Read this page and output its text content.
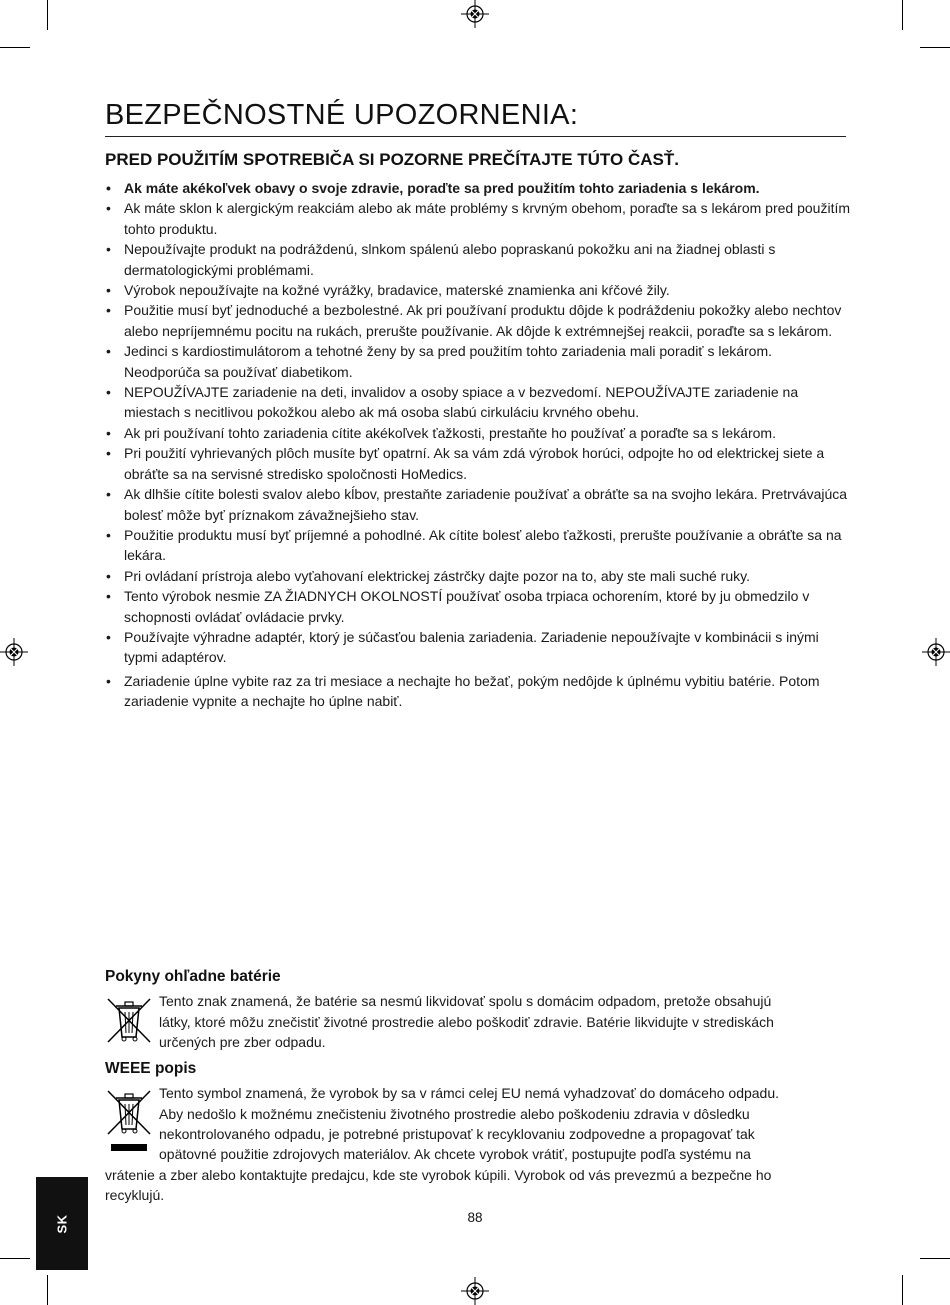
BEZPEČNOSTNÉ UPOZORNENIA:
PRED POUŽITÍM SPOTREBIČA SI POZORNE PREČÍTAJTE TÚTO ČASŤ.
• Ak máte akékoľvek obavy o svoje zdravie, poraďte sa pred použitím tohto zariadenia s lekárom.
• Ak máte sklon k alergickým reakciám alebo ak máte problémy s krvným obehom, poraďte sa s lekárom pred použitím tohto produktu.
• Nepoužívajte produkt na podráždenú, slnkom spálenú alebo popraskanú pokožku ani na žiadnej oblasti s dermatologickými problémami.
• Výrobok nepoužívajte na kožné vyrážky, bradavice, materské znamienka ani kŕčové žily.
• Použitie musí byť jednoduché a bezbolestné. Ak pri používaní produktu dôjde k podráždeniu pokožky alebo nechtov alebo nepríjemnému pocitu na rukách, prerušte používanie. Ak dôjde k extrémnejšej reakcii, poraďte sa s lekárom.
• Jedinci s kardiostimulátorom a tehotné ženy by sa pred použitím tohto zariadenia mali poradiť s lekárom. Neodporúča sa používať diabetikom.
• NEPOUŽÍVAJTE zariadenie na deti, invalidov a osoby spiace a v bezvedomí. NEPOUŽÍVAJTE zariadenie na miestach s necitlivou pokožkou alebo ak má osoba slabú cirkuláciu krvného obehu.
• Ak pri používaní tohto zariadenia cítite akékoľvek ťažkosti, prestaňte ho používať a poraďte sa s lekárom.
• Pri použití vyhrievaných plôch musíte byť opatrní. Ak sa vám zdá výrobok horúci, odpojte ho od elektrickej siete a obráťte sa na servisné stredisko spoločnosti HoMedics.
• Ak dlhšie cítite bolesti svalov alebo kĺbov, prestaňte zariadenie používať a obráťte sa na svojho lekára. Pretrvávajúca bolesť môže byť príznakom závažnejšieho stav.
• Použitie produktu musí byť príjemné a pohodlné. Ak cítite bolesť alebo ťažkosti, prerušte používanie a obráťte sa na lekára.
• Pri ovládaní prístroja alebo vyťahovaní elektrickej zástrčky dajte pozor na to, aby ste mali suché ruky.
• Tento výrobok nesmie ZA ŽIADNYCH OKOLNOSTÍ používať osoba trpiaca ochorením, ktoré by ju obmedzilo v schopnosti ovládať ovládacie prvky.
• Používajte výhradne adaptér, ktorý je súčasťou balenia zariadenia. Zariadenie nepoužívajte v kombinácii s inými typmi adaptérov.
• Zariadenie úplne vybite raz za tri mesiace a nechajte ho bežať, pokým nedôjde k úplnému vybitiu batérie. Potom zariadenie vypnite a nechajte ho úplne nabiť.
Pokyny ohľadne batérie

Tento znak znamená, že batérie sa nesmú likvidovať spolu s domácim odpadom, pretože obsahujú

látky, ktoré môžu znečistiť životné prostredie alebo poškodiť zdravie. Batérie likvidujte v strediskách

určených pre zber odpadu.

WEEE popis

Tento symbol znamená, že vyrobok by sa v rámci celej EU nemá vyhadzovať do domáceho odpadu.

Aby nedošlo k možnému znečisteniu životného prostredie alebo poškodeniu zdravia v dôsledku

nekontrolovaného odpadu, je potrebné pristupovať k recyklovaniu zodpovedne a propagovať tak

opätovné použitie zdrojovych materiálov. Ak chcete vyrobok vrátiť, postupujte podľa systému na

vrátenie a zber alebo kontaktujte predajcu, kde ste vyrobok kúpili. Vyrobok od vás prevezmú a bezpečne ho

recyklujú.

SK	88
